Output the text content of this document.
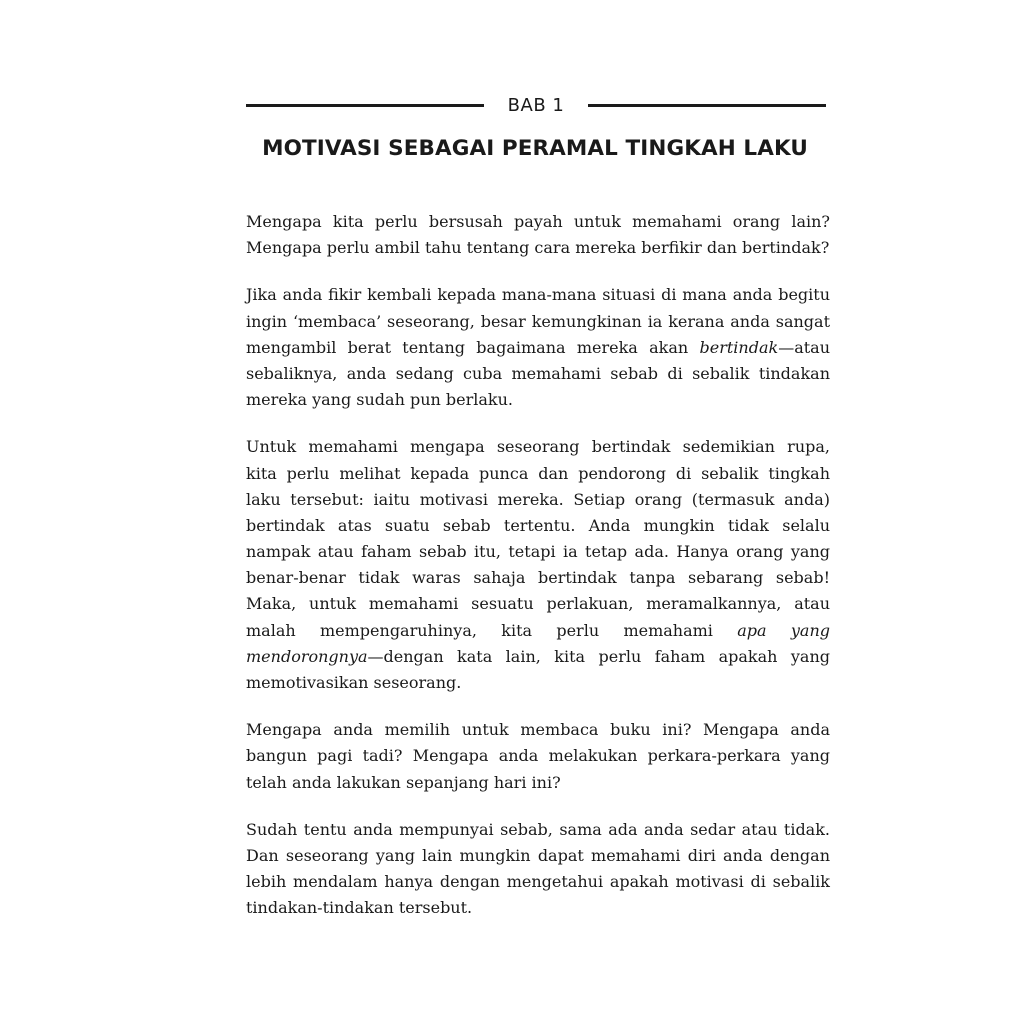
BAB 1
MOTIVASI SEBAGAI PERAMAL TINGKAH LAKU

Mengapa kita perlu bersusah payah untuk memahami orang lain?
Mengapa perlu ambil tahu tentang cara mereka berfikir dan bertindak?

Jika anda fikir kembali kepada mana-mana situasi di mana anda begitu
ingin ‘membaca’ seseorang, besar kemungkinan ia kerana anda sangat
mengambil berat tentang bagaimana mereka akan bertindak—atau
sebaliknya, anda sedang cuba memahami sebab di sebalik tindakan
mereka yang sudah pun berlaku.

Untuk memahami mengapa seseorang bertindak sedemikian rupa,
kita perlu melihat kepada punca dan pendorong di sebalik tingkah
laku tersebut: iaitu motivasi mereka. Setiap orang (termasuk anda)
bertindak atas suatu sebab tertentu. Anda mungkin tidak selalu
nampak atau faham sebab itu, tetapi ia tetap ada. Hanya orang yang
benar-benar tidak waras sahaja bertindak tanpa sebarang sebab!
Maka, untuk memahami sesuatu perlakuan, meramalkannya, atau
malah mempengaruhinya, kita perlu memahami apa yang
mendorongnya—dengan kata lain, kita perlu faham apakah yang
memotivasikan seseorang.

Mengapa anda memilih untuk membaca buku ini? Mengapa anda
bangun pagi tadi? Mengapa anda melakukan perkara-perkara yang
telah anda lakukan sepanjang hari ini?

Sudah tentu anda mempunyai sebab, sama ada anda sedar atau tidak.
Dan seseorang yang lain mungkin dapat memahami diri anda dengan
lebih mendalam hanya dengan mengetahui apakah motivasi di sebalik
tindakan-tindakan tersebut.
